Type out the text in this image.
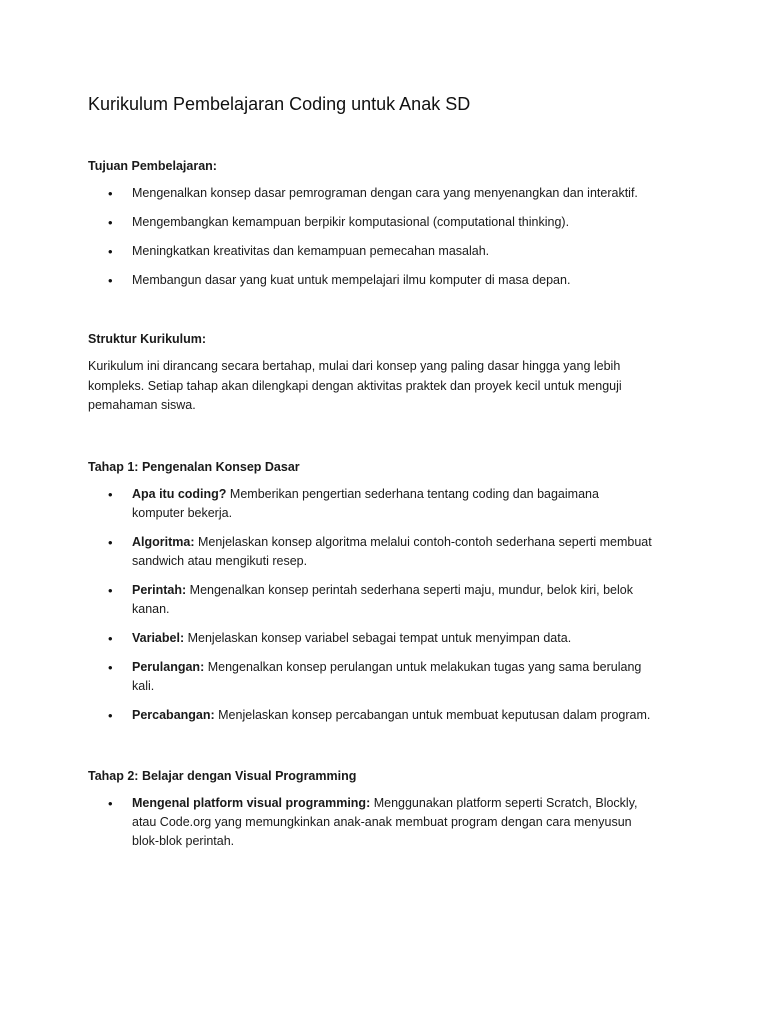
Kurikulum Pembelajaran Coding untuk Anak SD
Tujuan Pembelajaran:
• Mengenalkan konsep dasar pemrograman dengan cara yang menyenangkan dan interaktif.
• Mengembangkan kemampuan berpikir komputasional (computational thinking).
• Meningkatkan kreativitas dan kemampuan pemecahan masalah.
• Membangun dasar yang kuat untuk mempelajari ilmu komputer di masa depan.
Struktur Kurikulum:

Kurikulum ini dirancang secara bertahap, mulai dari konsep yang paling dasar hingga yang lebih kompleks. Setiap tahap akan dilengkapi dengan aktivitas praktek dan proyek kecil untuk menguji pemahaman siswa.

Tahap 1: Pengenalan Konsep Dasar
• Apa itu coding? Memberikan pengertian sederhana tentang coding dan bagaimana komputer bekerja.
• Algoritma: Menjelaskan konsep algoritma melalui contoh-contoh sederhana seperti membuat sandwich atau mengikuti resep.
• Perintah: Mengenalkan konsep perintah sederhana seperti maju, mundur, belok kiri, belok kanan.
• Variabel: Menjelaskan konsep variabel sebagai tempat untuk menyimpan data.
• Perulangan: Mengenalkan konsep perulangan untuk melakukan tugas yang sama berulang kali.
• Percabangan: Menjelaskan konsep percabangan untuk membuat keputusan dalam program.
Tahap 2: Belajar dengan Visual Programming
• Mengenal platform visual programming: Menggunakan platform seperti Scratch, Blockly, atau Code.org yang memungkinkan anak-anak membuat program dengan cara menyusun blok-blok perintah.
